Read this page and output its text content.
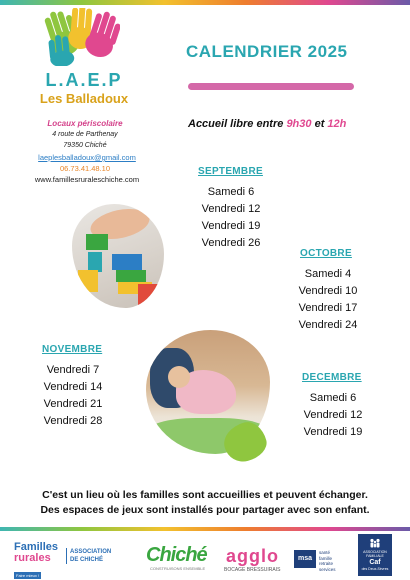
L.A.E.P
Les Balladoux
Locaux périscolaire
4 route de Parthenay
79350 Chiché
laeplesballadoux@gmail.com
06.73.41.48.10
www.famillesruraleschiche.com
CALENDRIER 2025
Accueil libre entre 9h30 et 12h
SEPTEMBRE
Samedi 6
Vendredi 12
Vendredi 19
Vendredi 26
OCTOBRE
Samedi 4
Vendredi 10
Vendredi 17
Vendredi 24
NOVEMBRE
Vendredi 7
Vendredi 14
Vendredi 21
Vendredi 28
DECEMBRE
Samedi 6
Vendredi 12
Vendredi 19
C'est un lieu où les familles sont accueillies et peuvent échanger.
Des espaces de jeux sont installés pour partager avec son enfant.
Familles
rurales
Faire mieux !
ASSOCIATION
DE CHICHÉ	Chiché
CONSTRUISONS ENSEMBLE
agglo
BOCAGE BRESSUIRAIS
msa
santé
famille
retraite
services
ASSOCIATION
FAMILIALE
Caf
des Deux-Sèvres
